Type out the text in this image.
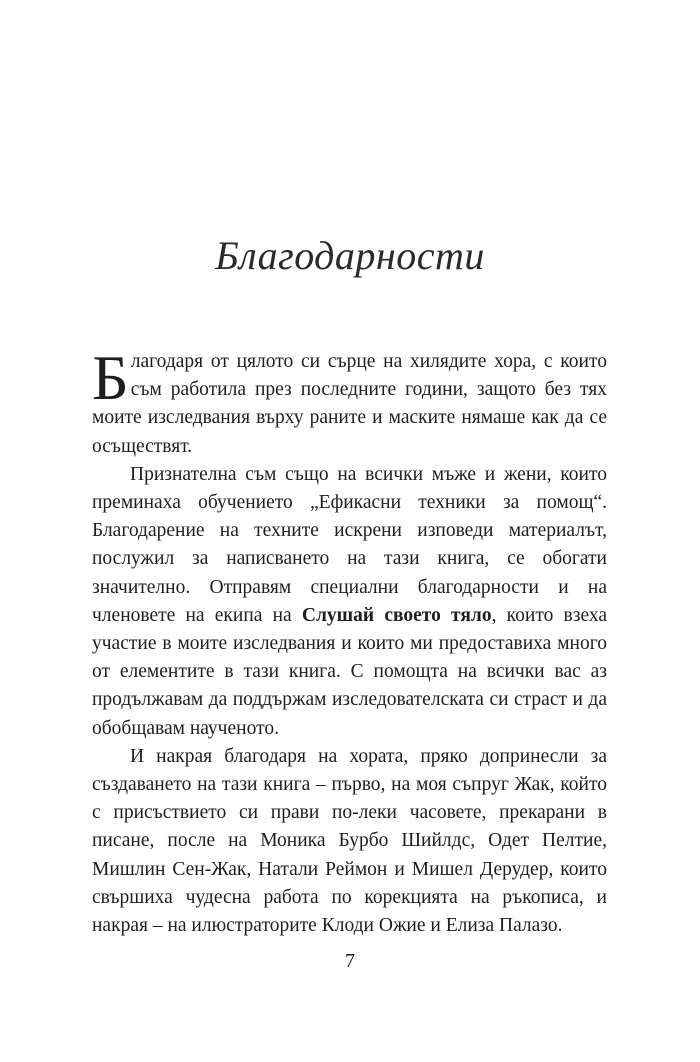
Благодарности

Благодаря от цялото си сърце на хилядите хора, с които съм работила през последните години, защото без тях моите изследвания върху раните и маските нямаше как да се осъществят.

Признателна съм също на всички мъже и жени, които преминаха обучението „Ефикасни техники за помощ“. Благодарение на техните искрени изповеди материалът, послужил за написването на тази книга, се обогати значително. Отправям специални благодарности и на членовете на екипа на Слушай своето тяло, които взеха участие в моите изследвания и които ми предоставиха много от елементите в тази книга. С помощта на всички вас аз продължавам да поддържам изследователската си страст и да обобщавам наученото.

И накрая благодаря на хората, пряко допринесли за създаването на тази книга – първо, на моя съпруг Жак, който с присъствието си прави по-леки часовете, прекарани в писане, после на Моника Бурбо Шийлдс, Одет Пелтие, Мишлин Сен-Жак, Натали Реймон и Мишел Дерудер, които свършиха чудесна работа по корекцията на ръкописа, и накрая – на илюстраторите Клоди Ожие и Елиза Палазо.

7
